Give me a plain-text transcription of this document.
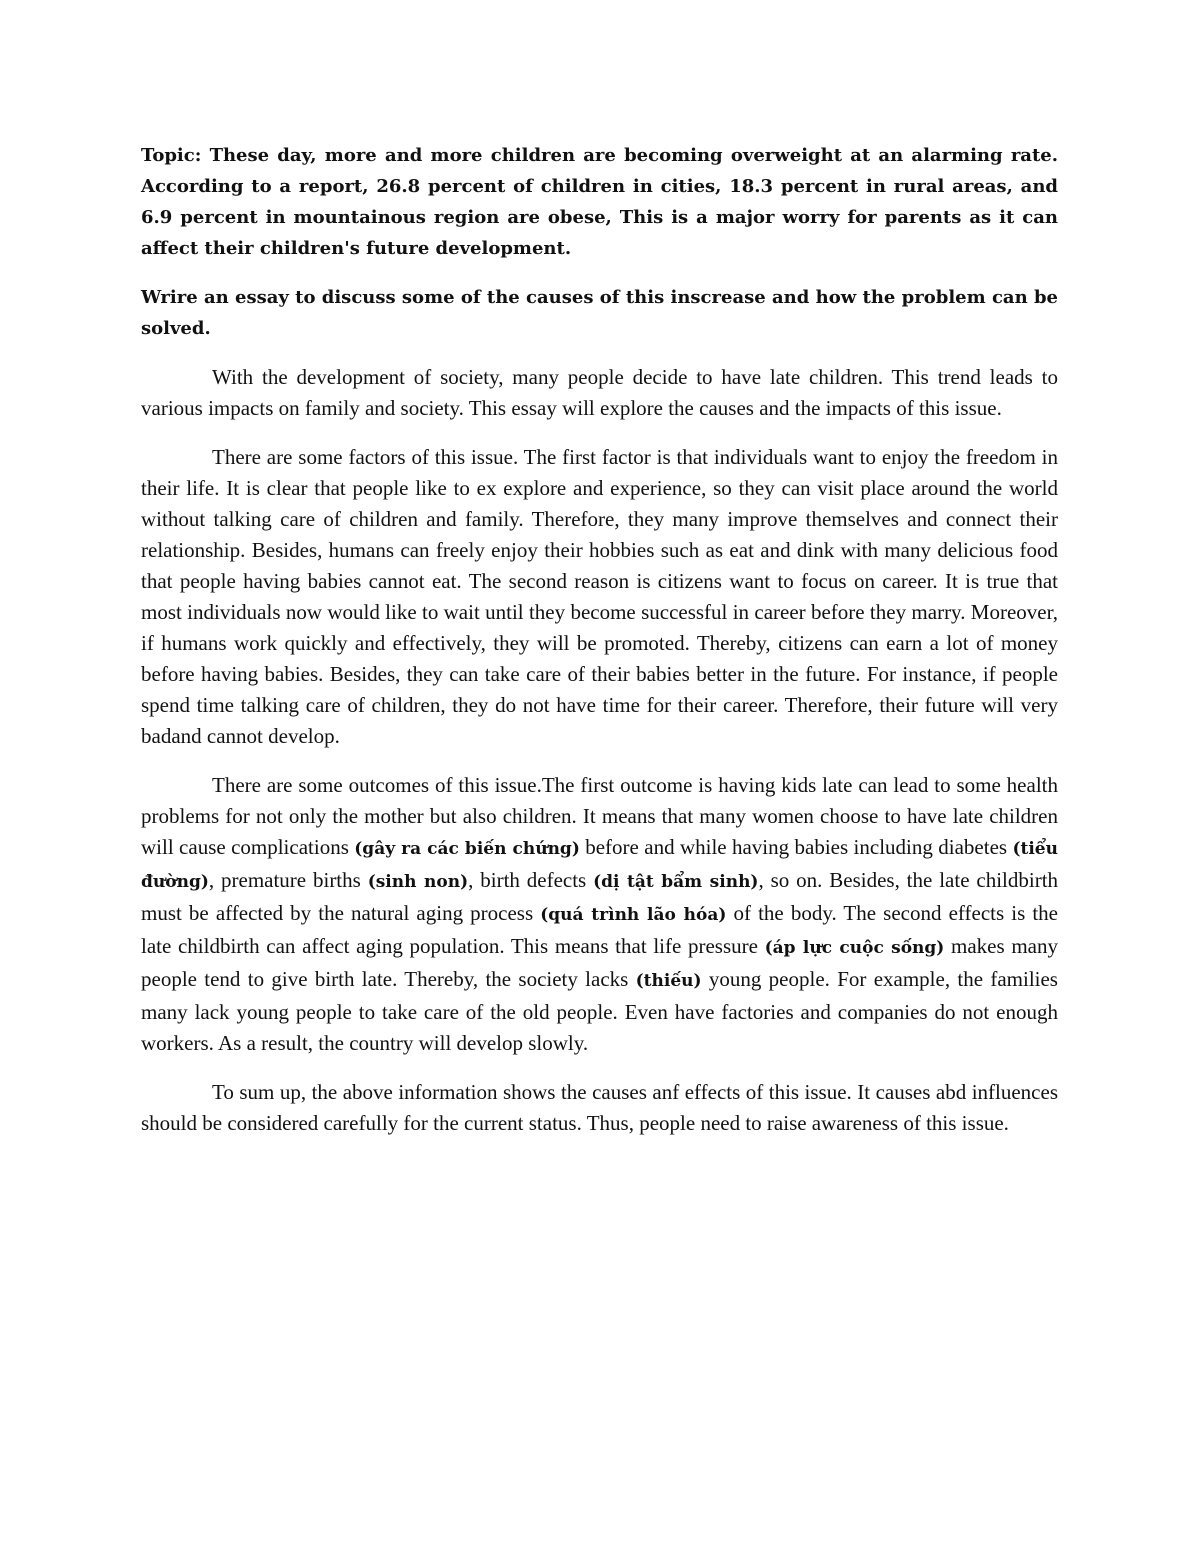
Topic: These day, more and more children are becoming overweight at an alarming rate. According to a report, 26.8 percent of children in cities, 18.3 percent in rural areas, and 6.9 percent in mountainous region are obese, This is a major worry for parents as it can affect their children's future development.

Wrire an essay to discuss some of the causes of this inscrease and how the problem can be solved.

With the development of society, many people decide to have late children. This trend leads to various impacts on family and society. This essay will explore the causes and the impacts of this issue.

There are some factors of this issue. The first factor is that individuals want to enjoy the freedom in their life. It is clear that people like to ex explore and experience, so they can visit place around the world without talking care of children and family. Therefore, they many improve themselves and connect their relationship. Besides, humans can freely enjoy their hobbies such as eat and dink with many delicious food that people having babies cannot eat. The second reason is citizens want to focus on career. It is true that most individuals now would like to wait until they become successful in career before they marry. Moreover, if humans work quickly and effectively, they will be promoted. Thereby, citizens can earn a lot of money before having babies. Besides, they can take care of their babies better in the future. For instance, if people spend time talking care of children, they do not have time for their career. Therefore, their future will very badand cannot develop.

There are some outcomes of this issue.The first outcome is having kids late can lead to some health problems for not only the mother but also children. It means that many women choose to have late children will cause complications (gây ra các biến chứng) before and while having babies including diabetes (tiểu đường), premature births (sinh non), birth defects (dị tật bẩm sinh), so on. Besides, the late childbirth must be affected by the natural aging process (quá trình lão hóa) of the body. The second effects is the late childbirth can affect aging population. This means that life pressure (áp lực cuộc sống) makes many people tend to give birth late. Thereby, the society lacks (thiếu) young people. For example, the families many lack young people to take care of the old people. Even have factories and companies do not enough workers. As a result, the country will develop slowly.

To sum up, the above information shows the causes anf effects of this issue. It causes abd influences should be considered carefully for the current status. Thus, people need to raise awareness of this issue.
